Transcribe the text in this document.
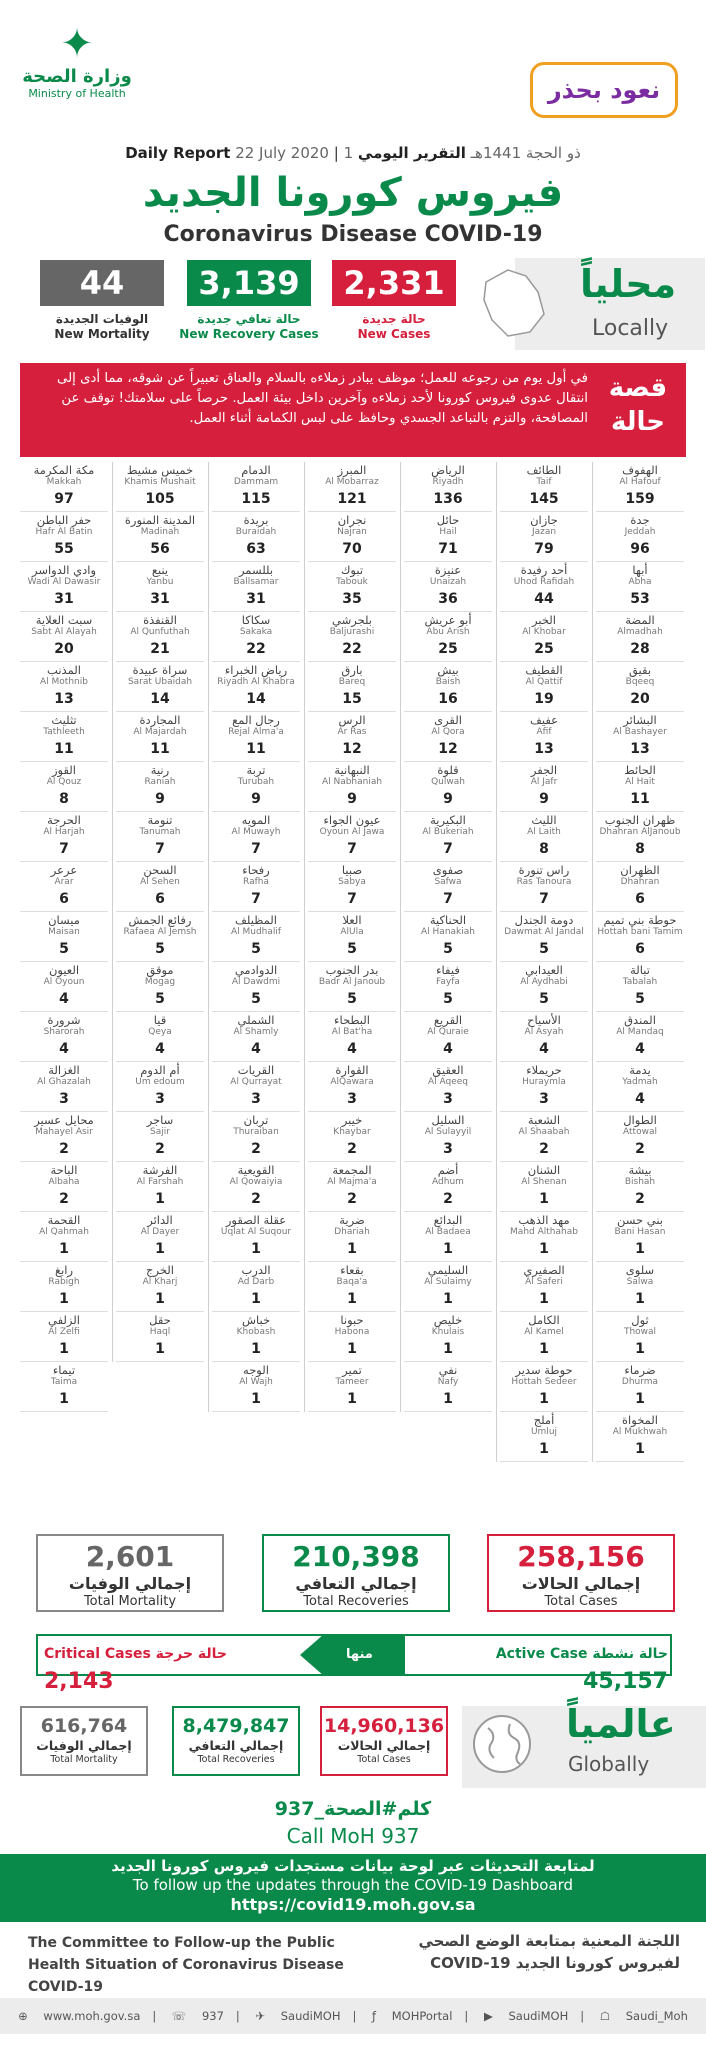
✦
وزارة الصحة
Ministry of Health	نعود بحذر
Daily Report 22 July 2020 | 1 ذو الحجة 1441هـ التقرير اليومي
فيروس كورونا الجديد
Coronavirus Disease COVID-19
محلياً
Locally
2,331
حالة جديدة
New Cases
3,139
حالة تعافي جديدة
New Recovery Cases
44
الوفيات الجديدة
New Mortality
قصة حالة
في أول يوم من رجوعه للعمل؛ موظف يبادر زملاءه بالسلام والعناق تعبيراً عن شوقه، مما أدى إلى انتقال عدوى فيروس كورونا لأحد زملاءه وآخرين داخل بيئة العمل. حرصاً على سلامتك! توقف عن المصافحة، والتزم بالتباعد الجسدي وحافظ على لبس الكمامة أثناء العمل.
الهفوف
Al Hafouf
159
جدة
Jeddah
96
أبها
Abha
53
المضة
Almadhah
28
بقيق
Bqeeq
20
البشائر
Al Bashayer
13
الحائط
Al Hait
11
ظهران الجنوب
Dhahran AlJanoub
8
الظهران
Dhahran
6
حوطة بني تميم
Hottah bani Tamim
6
تبالة
Tabalah
5
المندق
Al Mandaq
4
يدمة
Yadmah
4
الطوال
Attowal
2
بيشة
Bishah
2
بني حسن
Bani Hasan
1
سلوى
Salwa
1
ثول
Thowal
1
ضرماء
Dhurma
1
المخواة
Al Mukhwah
1
الطائف
Taif
145
جازان
Jazan
79
أحد رفيدة
Uhod Rafidah
44
الخبر
Al Khobar
25
القطيف
Al Qattif
19
عفيف
Afif
13
الجفر
Al Jafr
9
الليث
Al Laith
8
راس تنورة
Ras Tanoura
7
دومة الجندل
Dawmat Al Jandal
5
العيدابي
Al Aydhabi
5
الأسياح
Al Asyah
4
حريملاء
Huraymla
3
الشعبة
Al Shaabah
2
الشنان
Al Shenan
1
مهد الذهب
Mahd Althahab
1
الصفيري
Al Saferi
1
الكامل
Al Kamel
1
حوطة سدير
Hottah Sedeer
1
أملج
Umluj
1
الرياض
Riyadh
136
حائل
Hail
71
عنيزة
Unaizah
36
أبو عريش
Abu Arish
25
بيش
Baish
16
القرى
Al Qora
12
قلوة
Qulwah
9
البكيرية
Al Bukeriah
7
صفوى
Safwa
7
الحناكية
Al Hanakiah
5
فيفاء
Fayfa
5
القريع
Al Quraie
4
العقيق
Al Aqeeq
3
السليل
Al Sulayyil
3
أضم
Adhum
2
البدائع
Al Badaea
1
السليمي
Al Sulaimy
1
خليص
Khulais
1
نفي
Nafy
1
المبرز
Al Mobarraz
121
نجران
Najran
70
تبوك
Tabouk
35
بلجرشي
Baljurashi
22
بارق
Bareq
15
الرس
Ar Ras
12
النبهانية
Al Nabhaniah
9
عيون الجواء
Oyoun Al Jawa
7
صبيا
Sabya
7
العلا
AlUla
5
بدر الجنوب
Badr Al Janoub
5
البطحاء
Al Bat'ha
4
القوارة
AlQawara
3
خيبر
Khaybar
2
المجمعة
Al Majma'a
2
ضرية
Dhariah
1
بقعاء
Baqa'a
1
حبونا
Habona
1
تمير
Tameer
1
الدمام
Dammam
115
بريدة
Buraidah
63
بللسمر
Ballsamar
31
سكاكا
Sakaka
22
رياض الخبراء
Riyadh Al Khabra
14
رجال المع
Rejal Alma'a
11
تربة
Turubah
9
المويه
Al Muwayh
7
رفحاء
Rafha
7
المظيلف
Al Mudhalif
5
الدوادمي
Al Dawdmi
5
الشملي
Al Shamly
4
القريات
Al Qurrayat
3
تربان
Thuraiban
2
القويعية
Al Qowaiyia
2
عقلة الصقور
Uqlat Al Suqour
1
الدرب
Ad Darb
1
خباش
Khobash
1
الوجه
Al Wajh
1
خميس مشيط
Khamis Mushait
105
المدينة المنورة
Madinah
56
ينبع
Yanbu
31
القنفذة
Al Qunfuthah
21
سراة عبيدة
Sarat Ubaidah
14
المجاردة
Al Majardah
11
رنية
Raniah
9
تنومة
Tanumah
7
السحن
Al Sehen
6
رفائع الجمش
Rafaea Al Jemsh
5
موقق
Mogag
5
قيا
Qeya
4
أم الدوم
Um edoum
3
ساجر
Sajir
2
الفرشة
Al Farshah
1
الدائر
Al Dayer
1
الخرج
Al Kharj
1
حقل
Haql
1
مكة المكرمة
Makkah
97
حفر الباطن
Hafr Al Batin
55
وادي الدواسر
Wadi Al Dawasir
31
سبت العلاية
Sabt Al Alayah
20
المذنب
Al Mothnib
13
تثليث
Tathleeth
11
القوز
Al Qouz
8
الحرجة
Al Harjah
7
عرعر
Arar
6
ميسان
Maisan
5
العيون
Al Oyoun
4
شرورة
Sharorah
4
الغزالة
Al Ghazalah
3
محايل عسير
Mahayel Asir
2
الباحة
Albaha
2
القحمة
Al Qahmah
1
رابغ
Rabigh
1
الزلفي
Al Zelfi
1
تيماء
Taima
1
258,156
إجمالي الحالات
Total Cases
210,398
إجمالي التعافي
Total Recoveries
2,601
إجمالي الوفيات
Total Mortality
منها	Active Case حالة نشطة 45,157
Critical Cases حالة حرجة 2,143
عالمياً
Globally
14,960,136
إجمالي الحالات
Total Cases
8,479,847
إجمالي التعافي
Total Recoveries
616,764
إجمالي الوفيات
Total Mortality
كلم#الصحة_937
Call MoH 937
لمتابعة التحديثات عبر لوحة بيانات مستجدات فيروس كورونا الجديد
To follow up the updates through the COVID-19 Dashboard
https://covid19.moh.gov.sa
The Committee to Follow-up the Public Health Situation of Coronavirus Disease COVID-19
اللجنة المعنية بمتابعة الوضع الصحي لفيروس كورونا الجديد COVID-19
⊕ www.moh.gov.sa | ☏ 937 | ✈ SaudiMOH | ƒ MOHPortal | ▶ SaudiMOH | ☖ Saudi_Moh
